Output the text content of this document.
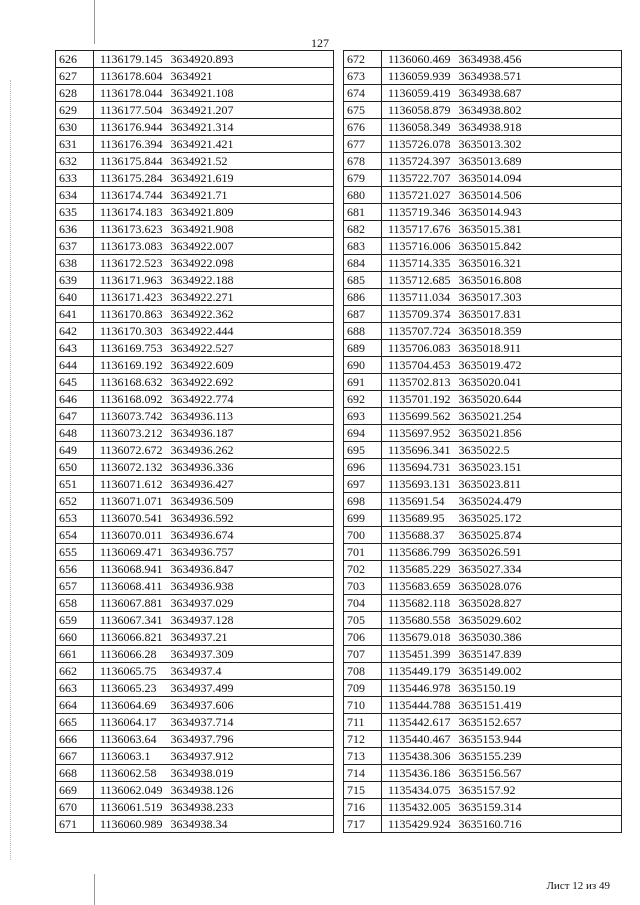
127
626	1136179.145	3634920.893
627	1136178.604	3634921
628	1136178.044	3634921.108
629	1136177.504	3634921.207
630	1136176.944	3634921.314
631	1136176.394	3634921.421
632	1136175.844	3634921.52
633	1136175.284	3634921.619
634	1136174.744	3634921.71
635	1136174.183	3634921.809
636	1136173.623	3634921.908
637	1136173.083	3634922.007
638	1136172.523	3634922.098
639	1136171.963	3634922.188
640	1136171.423	3634922.271
641	1136170.863	3634922.362
642	1136170.303	3634922.444
643	1136169.753	3634922.527
644	1136169.192	3634922.609
645	1136168.632	3634922.692
646	1136168.092	3634922.774
647	1136073.742	3634936.113
648	1136073.212	3634936.187
649	1136072.672	3634936.262
650	1136072.132	3634936.336
651	1136071.612	3634936.427
652	1136071.071	3634936.509
653	1136070.541	3634936.592
654	1136070.011	3634936.674
655	1136069.471	3634936.757
656	1136068.941	3634936.847
657	1136068.411	3634936.938
658	1136067.881	3634937.029
659	1136067.341	3634937.128
660	1136066.821	3634937.21
661	1136066.28	3634937.309
662	1136065.75	3634937.4
663	1136065.23	3634937.499
664	1136064.69	3634937.606
665	1136064.17	3634937.714
666	1136063.64	3634937.796
667	1136063.1	3634937.912
668	1136062.58	3634938.019
669	1136062.049	3634938.126
670	1136061.519	3634938.233
671	1136060.989	3634938.34
672	1136060.469	3634938.456
673	1136059.939	3634938.571
674	1136059.419	3634938.687
675	1136058.879	3634938.802
676	1136058.349	3634938.918
677	1135726.078	3635013.302
678	1135724.397	3635013.689
679	1135722.707	3635014.094
680	1135721.027	3635014.506
681	1135719.346	3635014.943
682	1135717.676	3635015.381
683	1135716.006	3635015.842
684	1135714.335	3635016.321
685	1135712.685	3635016.808
686	1135711.034	3635017.303
687	1135709.374	3635017.831
688	1135707.724	3635018.359
689	1135706.083	3635018.911
690	1135704.453	3635019.472
691	1135702.813	3635020.041
692	1135701.192	3635020.644
693	1135699.562	3635021.254
694	1135697.952	3635021.856
695	1135696.341	3635022.5
696	1135694.731	3635023.151
697	1135693.131	3635023.811
698	1135691.54	3635024.479
699	1135689.95	3635025.172
700	1135688.37	3635025.874
701	1135686.799	3635026.591
702	1135685.229	3635027.334
703	1135683.659	3635028.076
704	1135682.118	3635028.827
705	1135680.558	3635029.602
706	1135679.018	3635030.386
707	1135451.399	3635147.839
708	1135449.179	3635149.002
709	1135446.978	3635150.19
710	1135444.788	3635151.419
711	1135442.617	3635152.657
712	1135440.467	3635153.944
713	1135438.306	3635155.239
714	1135436.186	3635156.567
715	1135434.075	3635157.92
716	1135432.005	3635159.314
717	1135429.924	3635160.716
Лист 12 из 49
